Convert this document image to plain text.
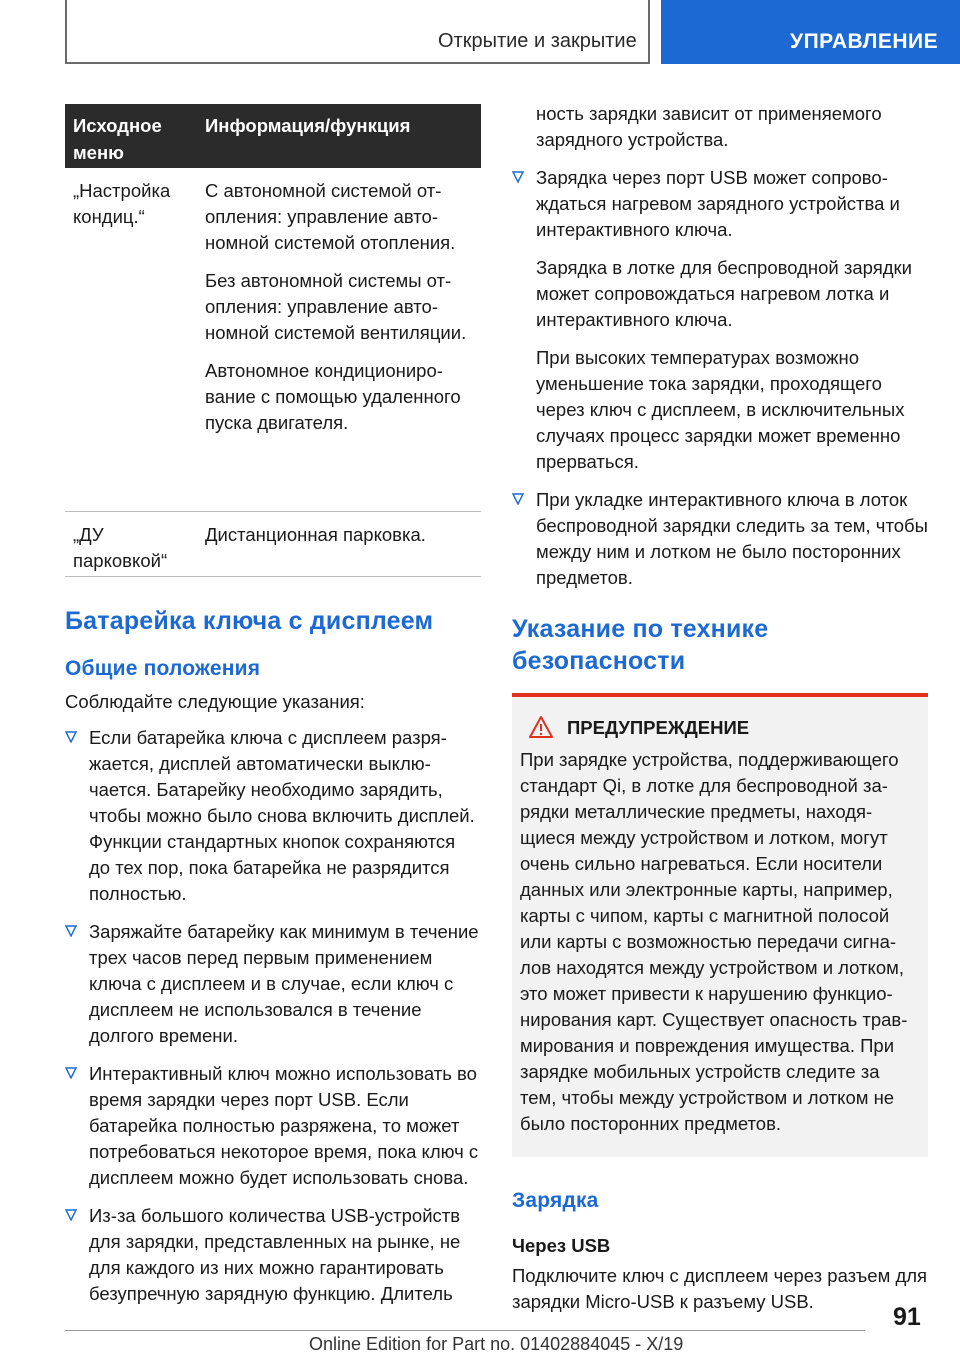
Открытие и закрытие	УПРАВЛЕНИЕ
Исходное меню
Информация/функция
„Настройка кондиц.“

С автономной системой отопления: управление автономной системой отопления.

Без автономной системы отопления: управление автономной системой вентиляции.

Автономное кондиционирование с помощью удаленного пуска двигателя.

„ДУ парковкой“

Дистанционная парковка.

Батарейка ключа с дисплеем
Общие положения
Соблюдайте следующие указания:
Если батарейка ключа с дисплеем разряжается, дисплей автоматически выключается. Батарейку необходимо зарядить, чтобы можно было снова включить дисплей. Функции стандартных кнопок сохраняются до тех пор, пока батарейка не разрядится полностью.
Заряжайте батарейку как минимум в течение трех часов перед первым применением ключа с дисплеем и в случае, если ключ с дисплеем не использовался в течение долгого времени.
Интерактивный ключ можно использовать во время зарядки через порт USB. Если батарейка полностью разряжена, то может потребоваться некоторое время, пока ключ с дисплеем можно будет использовать снова.
Из-за большого количества USB-устройств для зарядки, представленных на рынке, не для каждого из них можно гарантировать безупречную зарядную функцию. Длитель
ность зарядки зависит от применяемого зарядного устройства.

Зарядка через порт USB может сопровождаться нагревом зарядного устройства и интерактивного ключа.

Зарядка в лотке для беспроводной зарядки может сопровождаться нагревом лотка и интерактивного ключа.

При высоких температурах возможно уменьшение тока зарядки, проходящего через ключ с дисплеем, в исключительных случаях процесс зарядки может временно прерваться.

При укладке интерактивного ключа в лоток беспроводной зарядки следить за тем, чтобы между ним и лотком не было посторонних предметов.

Указание по технике безопасности
ПРЕДУПРЕЖДЕНИЕ
При зарядке устройства, поддерживающего стандарт Qi, в лотке для беспроводной зарядки металлические предметы, находящиеся между устройством и лотком, могут очень сильно нагреваться. Если носители данных или электронные карты, например, карты с чипом, карты с магнитной полосой или карты с возможностью передачи сигналов находятся между устройством и лотком, это может привести к нарушению функционирования карт. Существует опасность травмирования и повреждения имущества. При зарядке мобильных устройств следите за тем, чтобы между устройством и лотком не было посторонних предметов.
Зарядка
Через USB
Подключите ключ с дисплеем через разъем для зарядки Micro-USB к разъему USB.
91
Online Edition for Part no. 01402884045 - X/19
